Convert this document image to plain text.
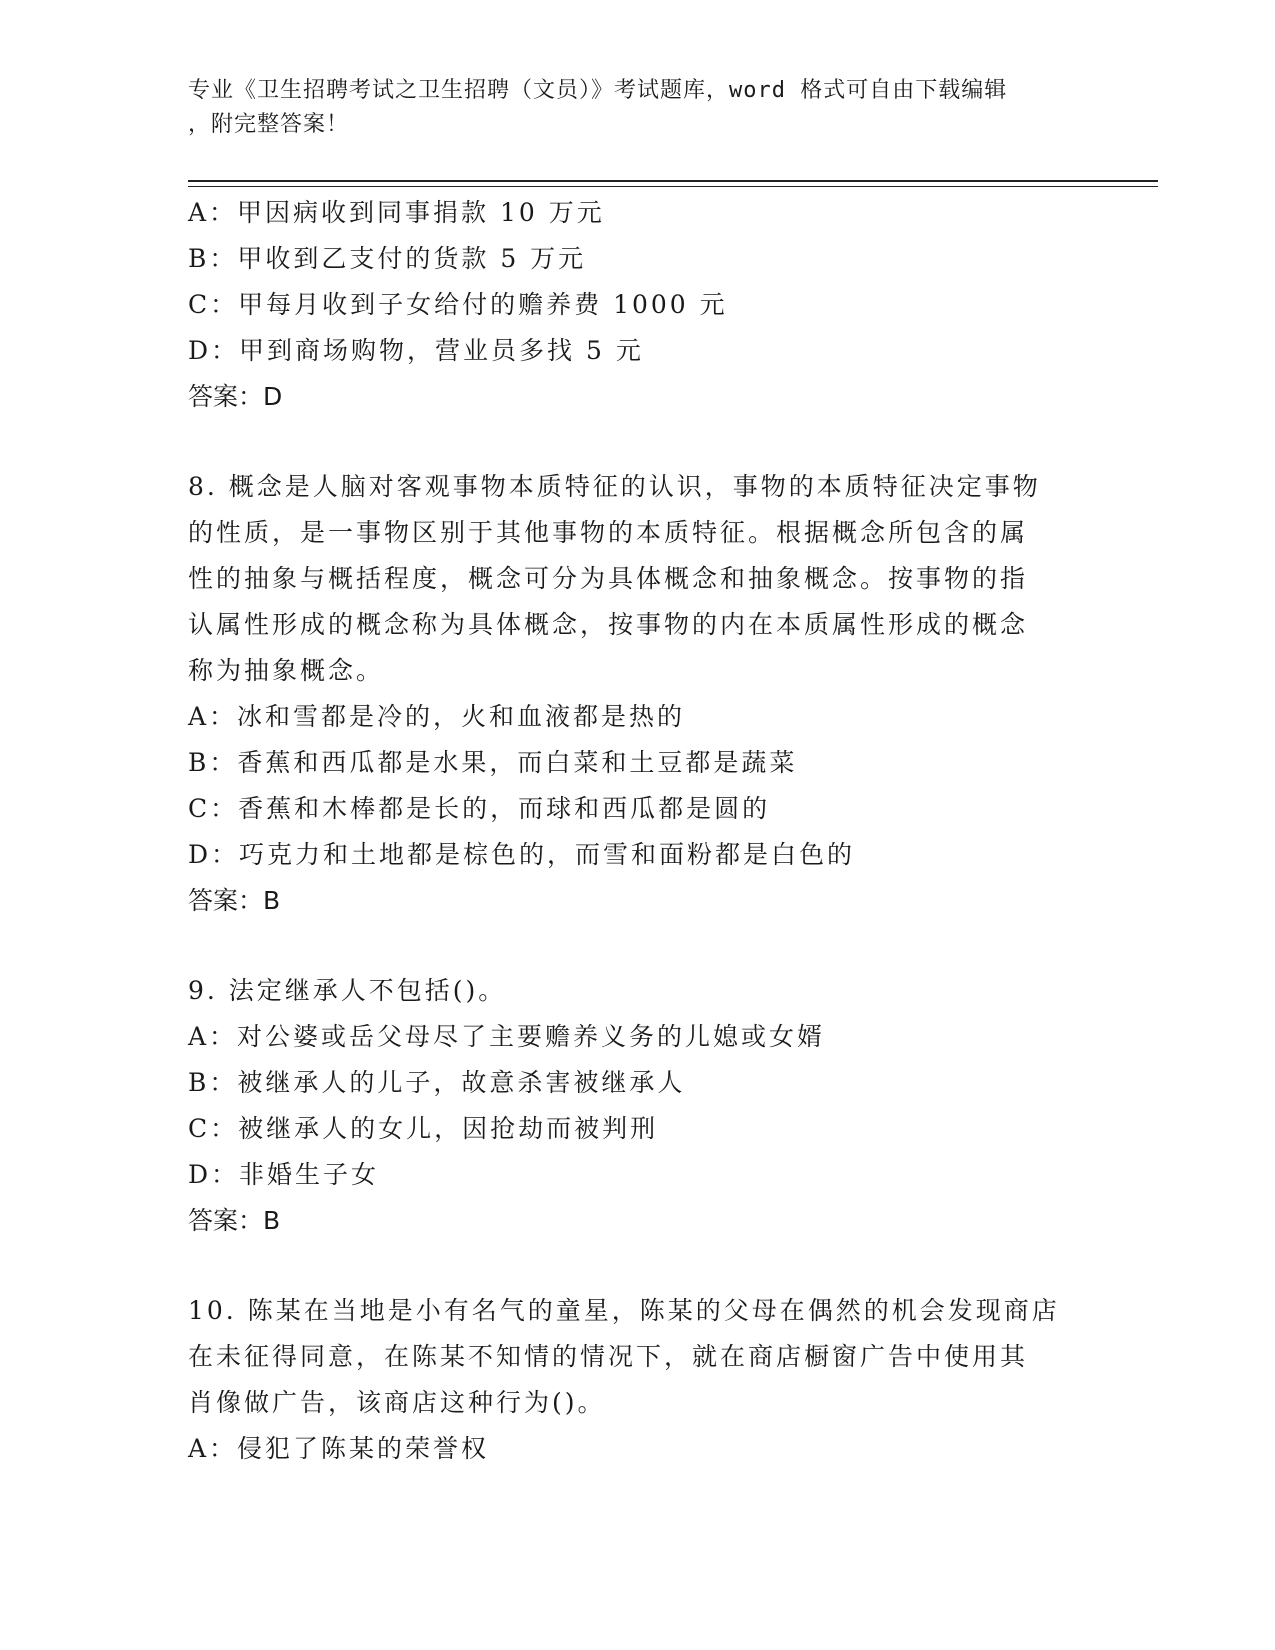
专业《卫生招聘考试之卫生招聘（文员）》考试题库，word 格式可自由下载编辑
，附完整答案！
A：甲因病收到同事捐款 10 万元
B：甲收到乙支付的货款 5 万元
C：甲每月收到子女给付的赡养费 1000 元
D：甲到商场购物，营业员多找 5 元
答案：D
8. 概念是人脑对客观事物本质特征的认识，事物的本质特征决定事物
的性质，是一事物区别于其他事物的本质特征。根据概念所包含的属
性的抽象与概括程度，概念可分为具体概念和抽象概念。按事物的指
认属性形成的概念称为具体概念，按事物的内在本质属性形成的概念
称为抽象概念。
A：冰和雪都是冷的，火和血液都是热的
B：香蕉和西瓜都是水果，而白菜和土豆都是蔬菜
C：香蕉和木棒都是长的，而球和西瓜都是圆的
D：巧克力和土地都是棕色的，而雪和面粉都是白色的
答案：B
9. 法定继承人不包括()。
A：对公婆或岳父母尽了主要赡养义务的儿媳或女婿
B：被继承人的儿子，故意杀害被继承人
C：被继承人的女儿，因抢劫而被判刑
D：非婚生子女
答案：B
10. 陈某在当地是小有名气的童星，陈某的父母在偶然的机会发现商店
在未征得同意，在陈某不知情的情况下，就在商店橱窗广告中使用其
肖像做广告，该商店这种行为()。
A：侵犯了陈某的荣誉权
